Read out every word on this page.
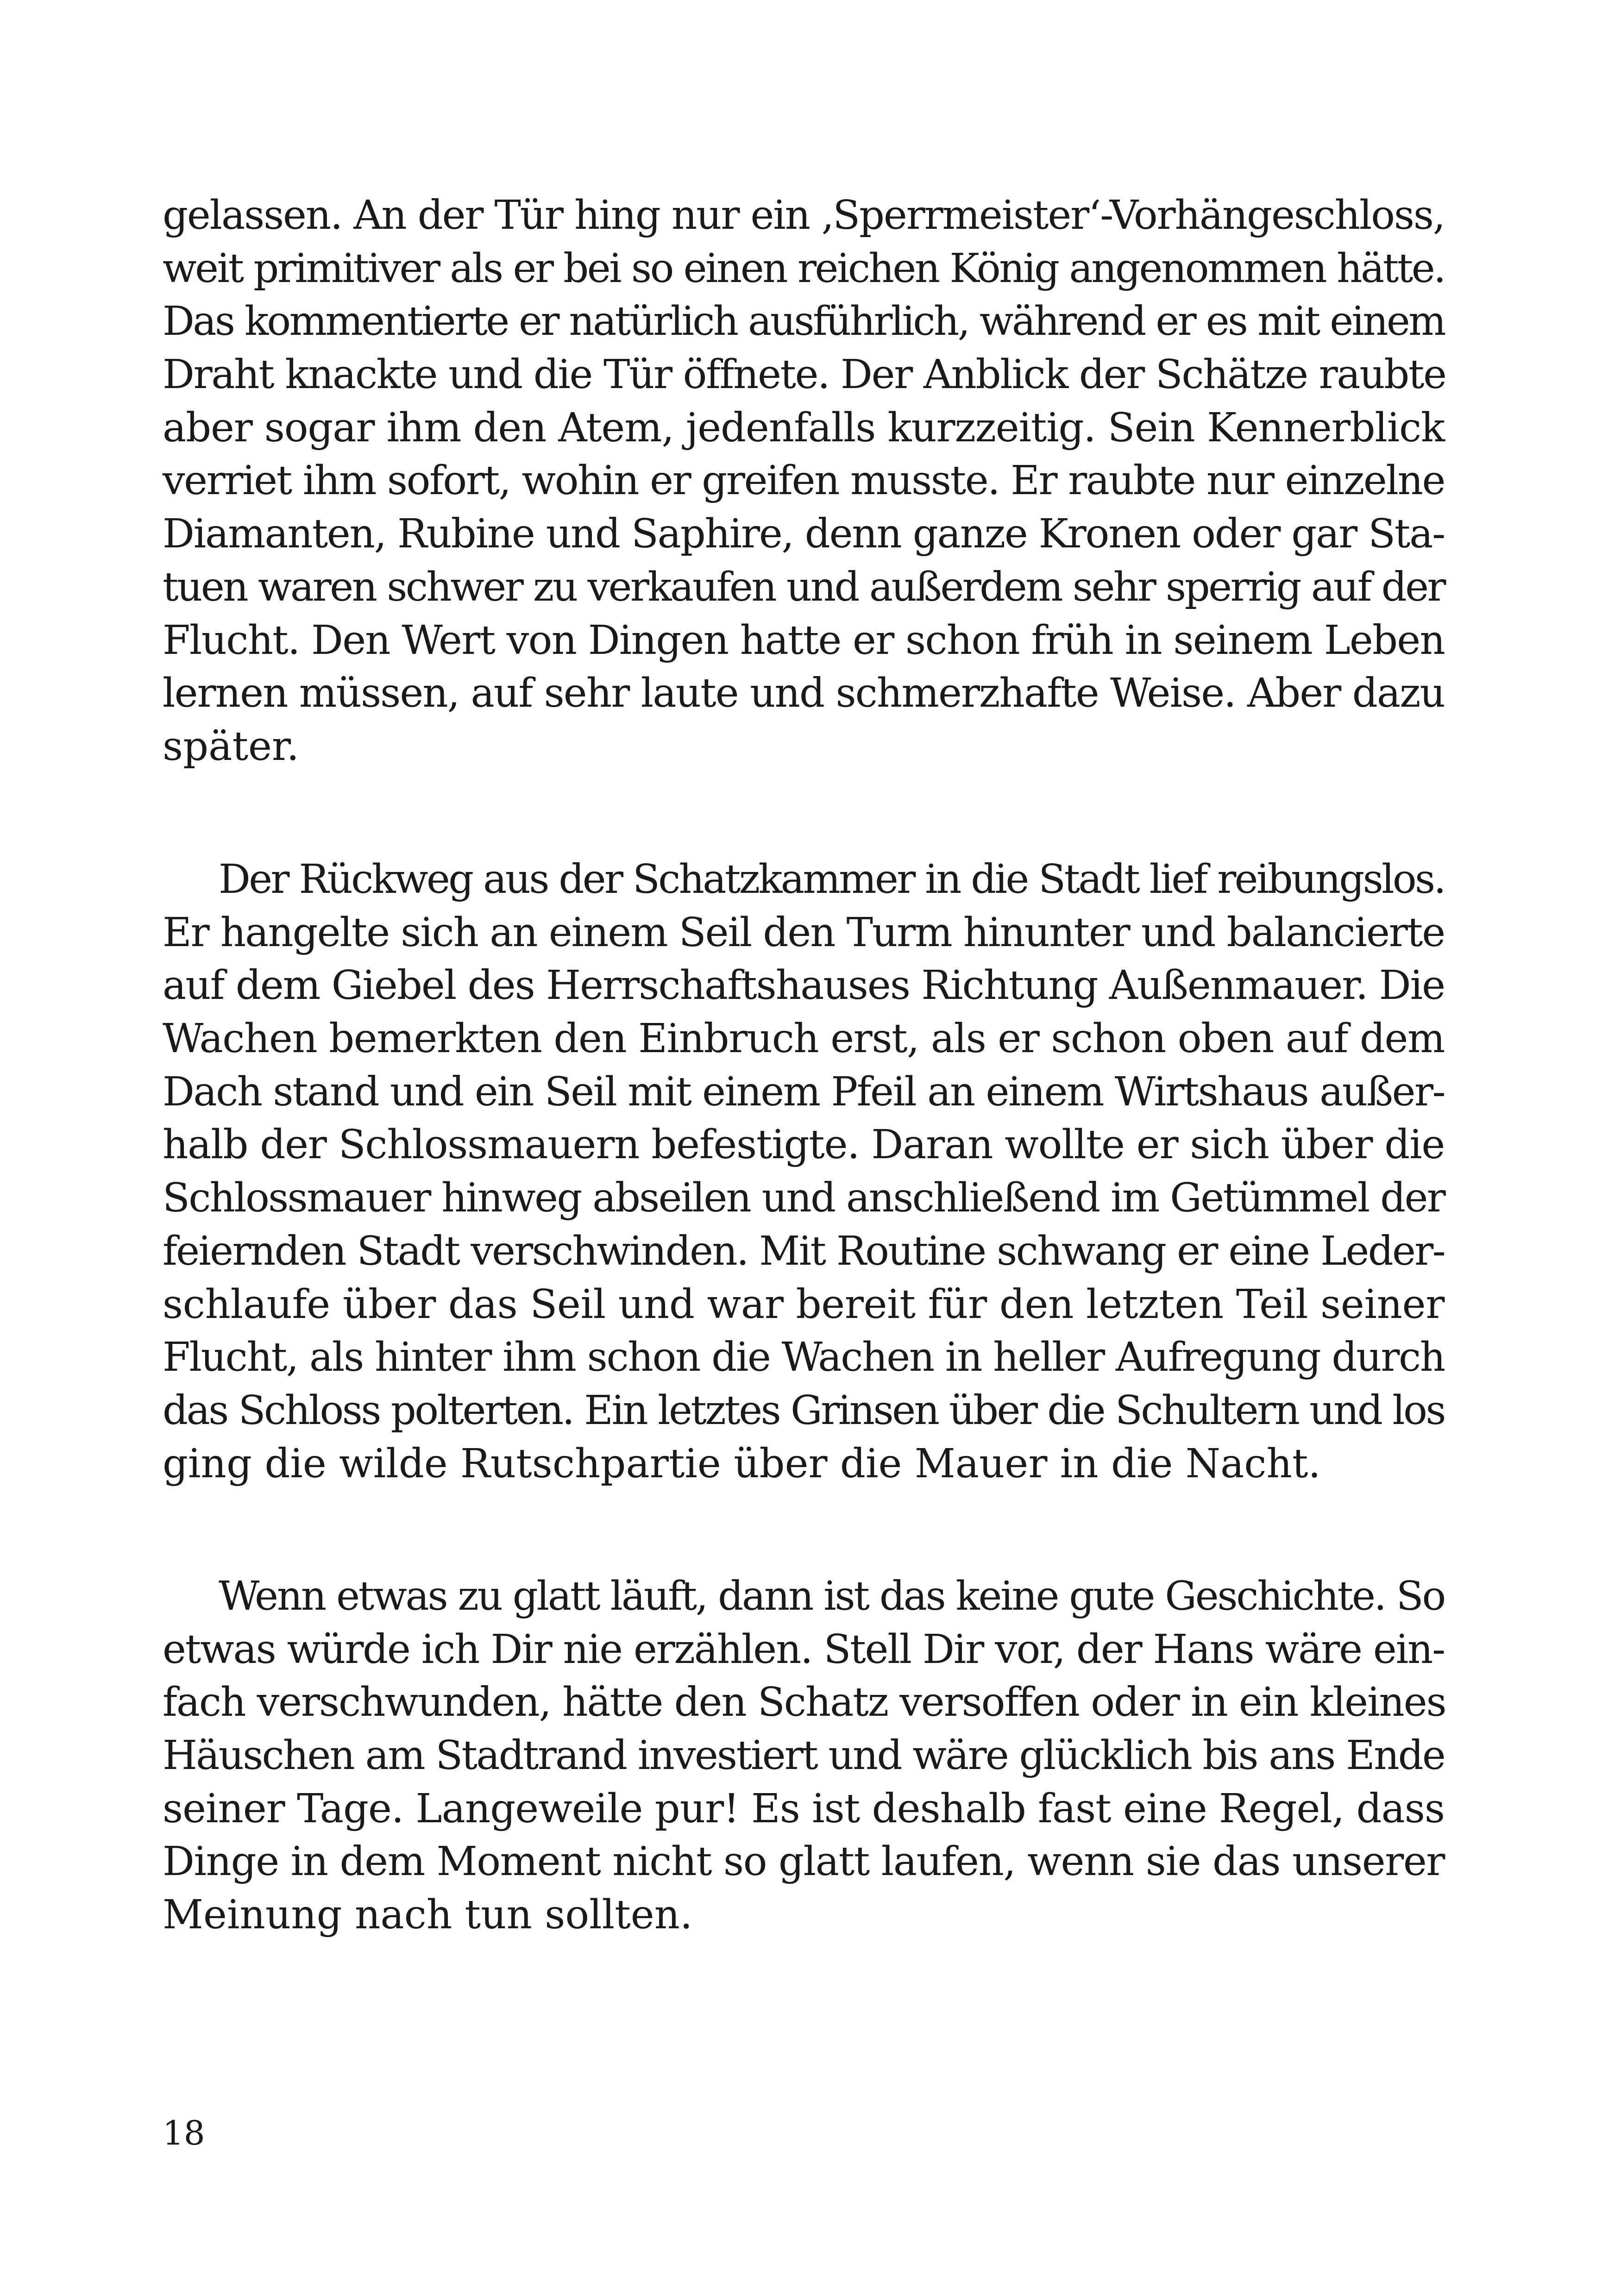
gelassen. An der Tür hing nur ein ‚Sperrmeister‘-Vorhängeschloss,
weit primitiver als er bei so einen reichen König angenommen hätte.
Das kommentierte er natürlich ausführlich, während er es mit einem
Draht knackte und die Tür öffnete. Der Anblick der Schätze raubte
aber sogar ihm den Atem, jedenfalls kurzzeitig. Sein Kennerblick
verriet ihm sofort, wohin er greifen musste. Er raubte nur einzelne
Diamanten, Rubine und Saphire, denn ganze Kronen oder gar Sta-
tuen waren schwer zu verkaufen und außerdem sehr sperrig auf der
Flucht. Den Wert von Dingen hatte er schon früh in seinem Leben
lernen müssen, auf sehr laute und schmerzhafte Weise. Aber dazu
später.
Der Rückweg aus der Schatzkammer in die Stadt lief reibungslos.
Er hangelte sich an einem Seil den Turm hinunter und balancierte
auf dem Giebel des Herrschaftshauses Richtung Außenmauer. Die
Wachen bemerkten den Einbruch erst, als er schon oben auf dem
Dach stand und ein Seil mit einem Pfeil an einem Wirtshaus außer-
halb der Schlossmauern befestigte. Daran wollte er sich über die
Schlossmauer hinweg abseilen und anschließend im Getümmel der
feiernden Stadt verschwinden. Mit Routine schwang er eine Leder-
schlaufe über das Seil und war bereit für den letzten Teil seiner
Flucht, als hinter ihm schon die Wachen in heller Aufregung durch
das Schloss polterten. Ein letztes Grinsen über die Schultern und los
ging die wilde Rutschpartie über die Mauer in die Nacht.
Wenn etwas zu glatt läuft, dann ist das keine gute Geschichte. So
etwas würde ich Dir nie erzählen. Stell Dir vor, der Hans wäre ein-
fach verschwunden, hätte den Schatz versoffen oder in ein kleines
Häuschen am Stadtrand investiert und wäre glücklich bis ans Ende
seiner Tage. Langeweile pur! Es ist deshalb fast eine Regel, dass
Dinge in dem Moment nicht so glatt laufen, wenn sie das unserer
Meinung nach tun sollten.
18
